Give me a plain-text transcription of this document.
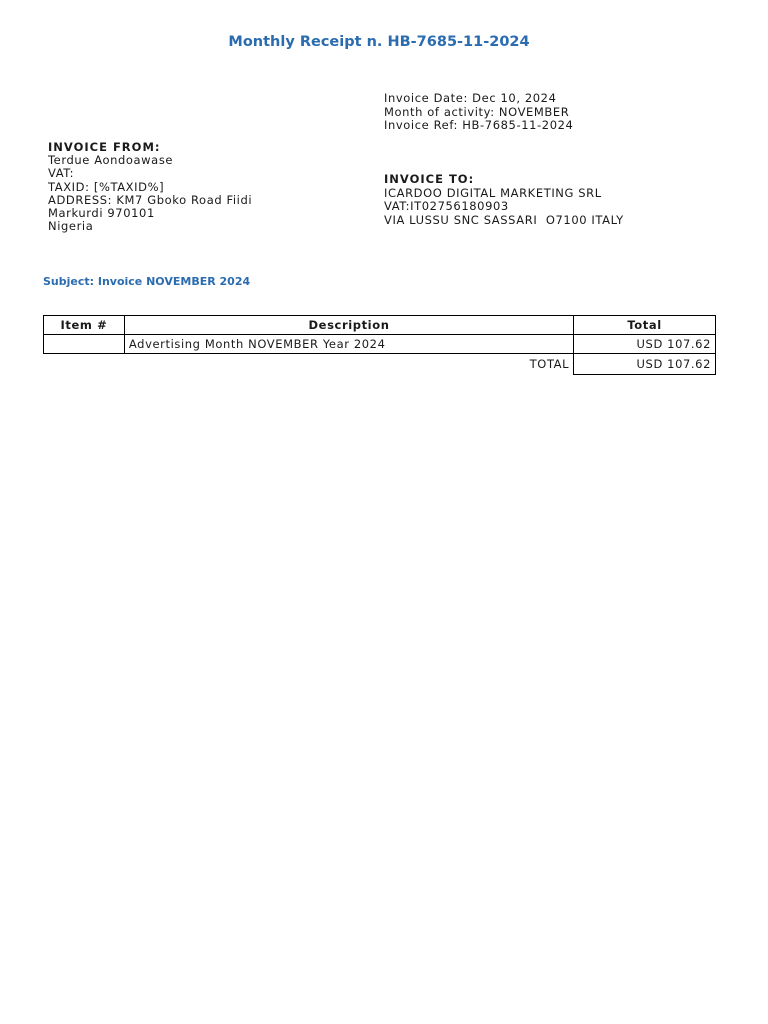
Monthly Receipt n. HB-7685-11-2024
Invoice Date: Dec 10, 2024
Month of activity: NOVEMBER
Invoice Ref: HB-7685-11-2024
INVOICE FROM:
Terdue Aondoawase
VAT:
TAXID: [%TAXID%]
ADDRESS: KM7 Gboko Road Fiidi
Markurdi 970101
Nigeria
INVOICE TO:
ICARDOO DIGITAL MARKETING SRL
VAT:IT02756180903
VIA LUSSU SNC SASSARI  O7100 ITALY
Subject: Invoice NOVEMBER 2024
Item #	Description	Total
	Advertising Month NOVEMBER Year 2024	USD 107.62
	TOTAL	USD 107.62
